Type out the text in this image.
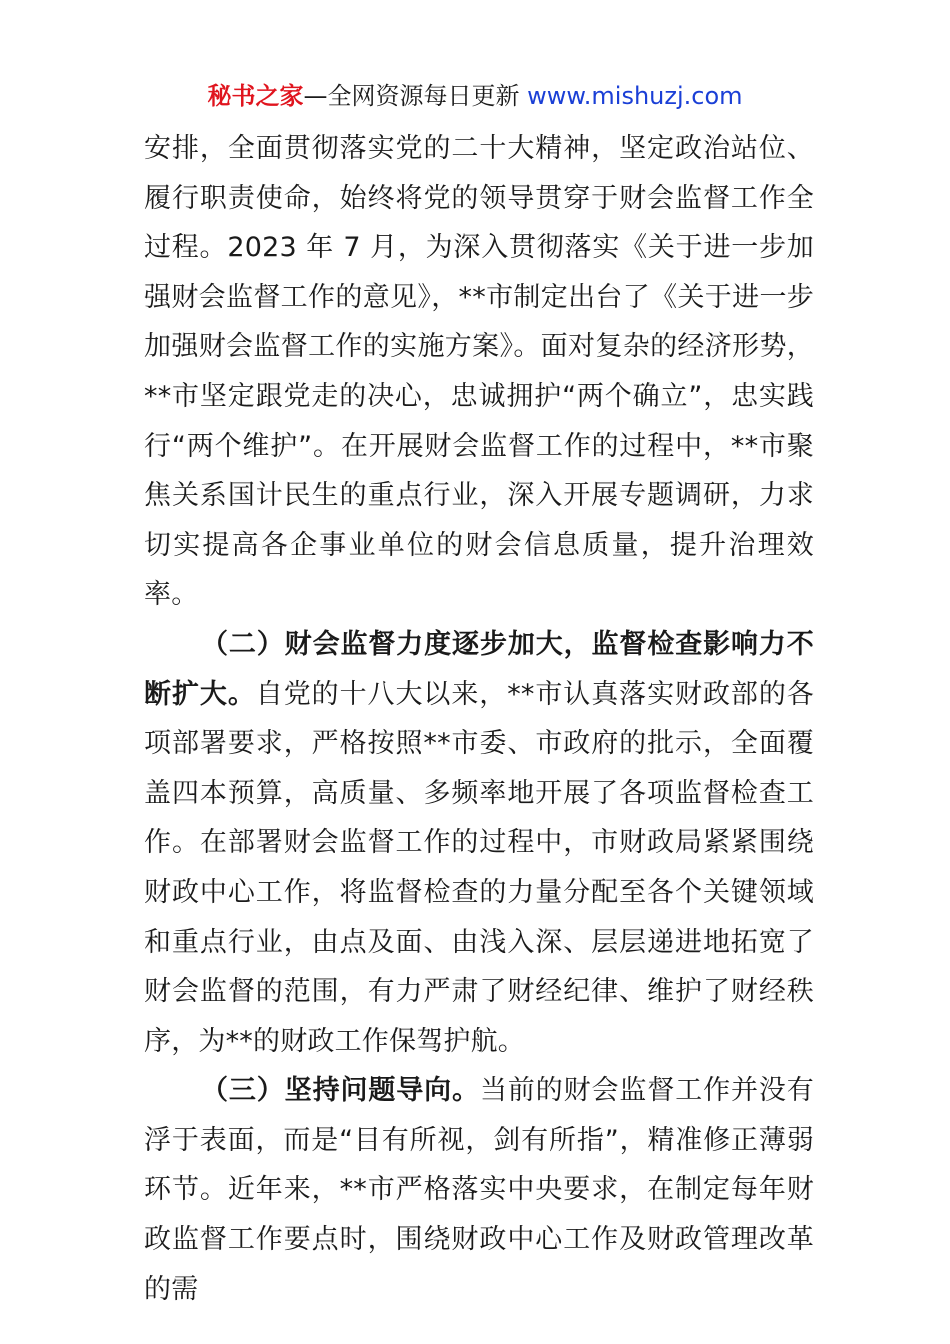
秘书之家—全网资源每日更新 www.mishuzj.com

安排，全面贯彻落实党的二十大精神，坚定政治站位、履行职责使命，始终将党的领导贯穿于财会监督工作全过程。2023 年 7 月，为深入贯彻落实《关于进一步加强财会监督工作的意见》，**市制定出台了《关于进一步加强财会监督工作的实施方案》。面对复杂的经济形势，**市坚定跟党走的决心，忠诚拥护“两个确立”，忠实践行“两个维护”。在开展财会监督工作的过程中，**市聚焦关系国计民生的重点行业，深入开展专题调研，力求切实提高各企事业单位的财会信息质量，提升治理效率。

（二）财会监督力度逐步加大，监督检查影响力不断扩大。自党的十八大以来，**市认真落实财政部的各项部署要求，严格按照**市委、市政府的批示，全面覆盖四本预算，高质量、多频率地开展了各项监督检查工作。在部署财会监督工作的过程中，市财政局紧紧围绕财政中心工作，将监督检查的力量分配至各个关键领域和重点行业，由点及面、由浅入深、层层递进地拓宽了财会监督的范围，有力严肃了财经纪律、维护了财经秩序，为**的财政工作保驾护航。

（三）坚持问题导向。当前的财会监督工作并没有浮于表面，而是“目有所视，剑有所指”，精准修正薄弱环节。近年来，**市严格落实中央要求，在制定每年财政监督工作要点时，围绕财政中心工作及财政管理改革的需
